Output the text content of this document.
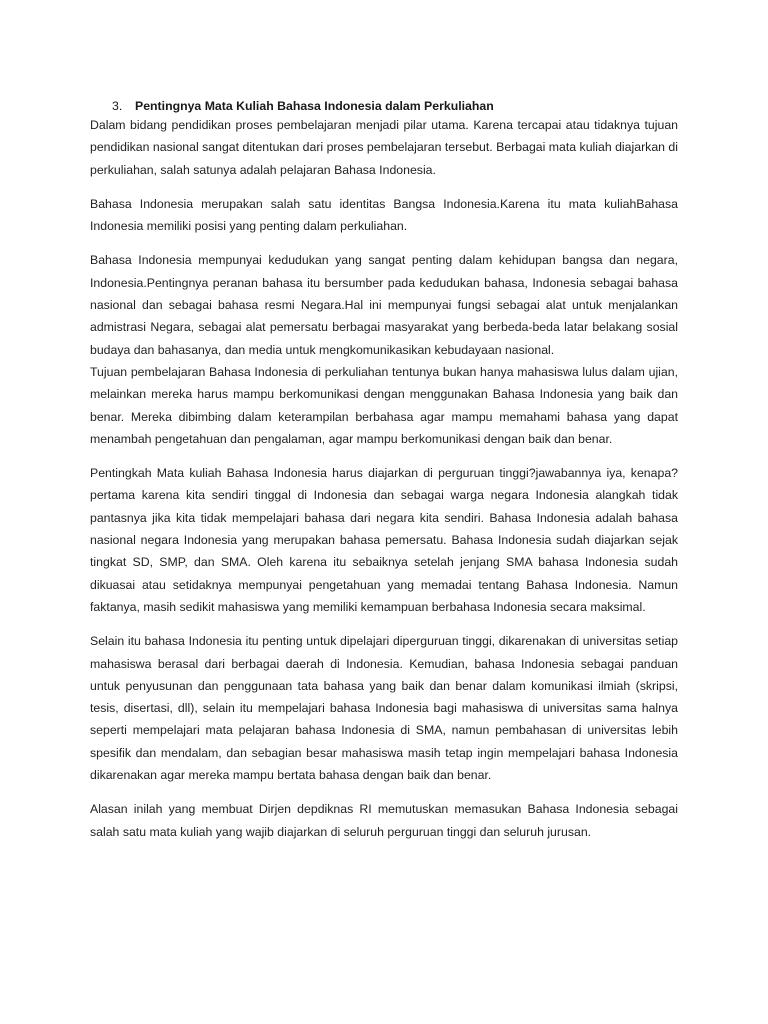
3. Pentingnya Mata Kuliah Bahasa Indonesia dalam Perkuliahan

Dalam bidang pendidikan proses pembelajaran menjadi pilar utama. Karena tercapai atau tidaknya tujuan pendidikan nasional sangat ditentukan dari proses pembelajaran tersebut. Berbagai mata kuliah diajarkan di perkuliahan, salah satunya adalah pelajaran Bahasa Indonesia.

Bahasa Indonesia merupakan salah satu identitas Bangsa Indonesia.Karena itu mata kuliahBahasa Indonesia memiliki posisi yang penting dalam perkuliahan.

Bahasa Indonesia mempunyai kedudukan yang sangat penting dalam kehidupan bangsa dan negara, Indonesia.Pentingnya peranan bahasa itu bersumber pada kedudukan bahasa, Indonesia sebagai bahasa nasional dan sebagai bahasa resmi Negara.Hal ini mempunyai fungsi sebagai alat untuk menjalankan admistrasi Negara, sebagai alat pemersatu berbagai masyarakat yang berbeda-beda latar belakang sosial budaya dan bahasanya, dan media untuk mengkomunikasikan kebudayaan nasional.

Tujuan pembelajaran Bahasa Indonesia di perkuliahan tentunya bukan hanya mahasiswa lulus dalam ujian, melainkan mereka harus mampu berkomunikasi dengan menggunakan Bahasa Indonesia yang baik dan benar. Mereka dibimbing dalam keterampilan berbahasa agar mampu memahami bahasa yang dapat menambah pengetahuan dan pengalaman, agar mampu berkomunikasi dengan baik dan benar.

Pentingkah Mata kuliah Bahasa Indonesia harus diajarkan di perguruan tinggi?jawabannya iya, kenapa? pertama karena kita sendiri tinggal di Indonesia dan sebagai warga negara Indonesia alangkah tidak pantasnya jika kita tidak mempelajari bahasa dari negara kita sendiri. Bahasa Indonesia adalah bahasa nasional negara Indonesia yang merupakan bahasa pemersatu. Bahasa Indonesia sudah diajarkan sejak tingkat SD, SMP, dan SMA. Oleh karena itu sebaiknya setelah jenjang SMA bahasa Indonesia sudah dikuasai atau setidaknya mempunyai pengetahuan yang memadai tentang Bahasa Indonesia. Namun faktanya, masih sedikit mahasiswa yang memiliki kemampuan berbahasa Indonesia secara maksimal.

Selain itu bahasa Indonesia itu penting untuk dipelajari diperguruan tinggi, dikarenakan di universitas setiap mahasiswa berasal dari berbagai daerah di Indonesia. Kemudian, bahasa Indonesia sebagai panduan untuk penyusunan dan penggunaan tata bahasa yang baik dan benar dalam komunikasi ilmiah (skripsi, tesis, disertasi, dll), selain itu mempelajari bahasa Indonesia bagi mahasiswa di universitas sama halnya seperti mempelajari mata pelajaran bahasa Indonesia di SMA, namun pembahasan di universitas lebih spesifik dan mendalam, dan sebagian besar mahasiswa masih tetap ingin mempelajari bahasa Indonesia dikarenakan agar mereka mampu bertata bahasa dengan baik dan benar.

Alasan inilah yang membuat Dirjen depdiknas RI memutuskan memasukan Bahasa Indonesia sebagai salah satu mata kuliah yang wajib diajarkan di seluruh perguruan tinggi dan seluruh jurusan.
